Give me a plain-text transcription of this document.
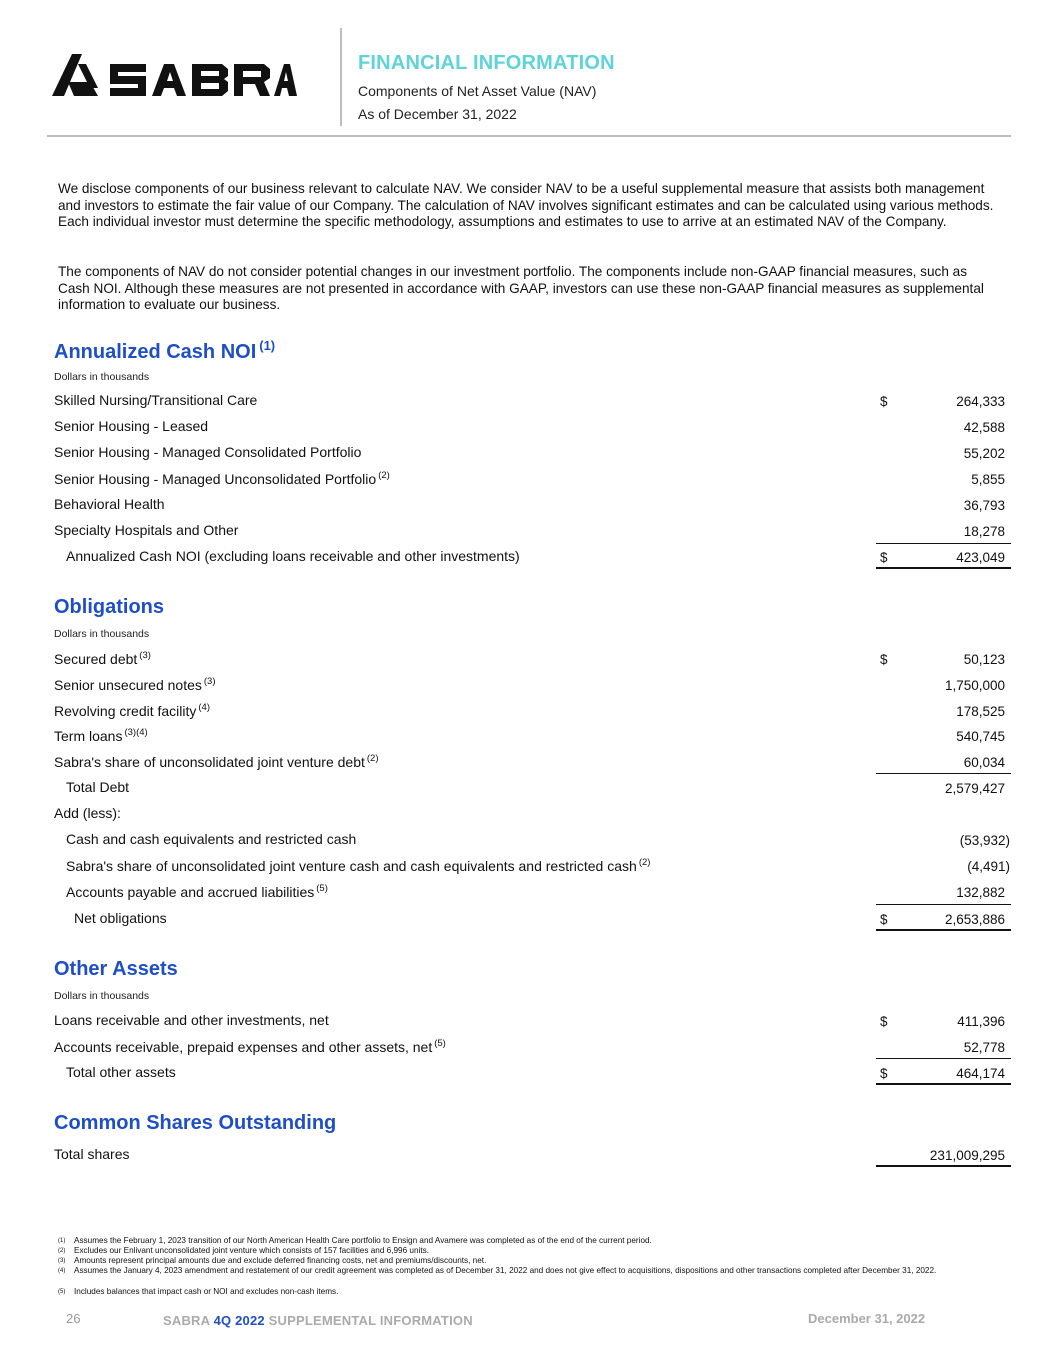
FINANCIAL INFORMATION
Components of Net Asset Value (NAV)
As of December 31, 2022
We disclose components of our business relevant to calculate NAV. We consider NAV to be a useful supplemental measure that assists both management and investors to estimate the fair value of our Company. The calculation of NAV involves significant estimates and can be calculated using various methods. Each individual investor must determine the specific methodology, assumptions and estimates to use to arrive at an estimated NAV of the Company.
The components of NAV do not consider potential changes in our investment portfolio. The components include non-GAAP financial measures, such as Cash NOI. Although these measures are not presented in accordance with GAAP, investors can use these non-GAAP financial measures as supplemental information to evaluate our business.
Annualized Cash NOI $^{(1)}$
Dollars in thousands
Skilled Nursing/Transitional Care	$	264,333
Senior Housing - Leased	42,588
Senior Housing - Managed Consolidated Portfolio	55,202
Senior Housing - Managed Unconsolidated Portfolio $^{(2)}$	5,855
Behavioral Health	36,793
Specialty Hospitals and Other	18,278
Annualized Cash NOI (excluding loans receivable and other investments)	$	423,049
Obligations
Dollars in thousands
Secured debt $^{(3)}$	$	50,123
Senior unsecured notes $^{(3)}$	1,750,000
Revolving credit facility $^{(4)}$	178,525
Term loans $^{(3)(4)}$	540,745
Sabra's share of unconsolidated joint venture debt $^{(2)}$	60,034
Total Debt	2,579,427
Add (less):
Cash and cash equivalents and restricted cash	(53,932)
Sabra's share of unconsolidated joint venture cash and cash equivalents and restricted cash $^{(2)}$	(4,491)
Accounts payable and accrued liabilities $^{(5)}$	132,882
Net obligations	$	2,653,886
Other Assets
Dollars in thousands
Loans receivable and other investments, net	$	411,396
Accounts receivable, prepaid expenses and other assets, net $^{(5)}$	52,778
Total other assets	$	464,174
Common Shares Outstanding
Total shares	231,009,295
(1) Assumes the February 1, 2023 transition of our North American Health Care portfolio to Ensign and Avamere was completed as of the end of the current period.
(2) Excludes our Enlivant unconsolidated joint venture which consists of 157 facilities and 6,996 units.
(3) Amounts represent principal amounts due and exclude deferred financing costs, net and premiums/discounts, net.
(4) Assumes the January 4, 2023 amendment and restatement of our credit agreement was completed as of December 31, 2022 and does not give effect to acquisitions, dispositions and other transactions completed after December 31, 2022.
(5) Includes balances that impact cash or NOI and excludes non-cash items.
26	SABRA 4Q 2022 SUPPLEMENTAL INFORMATION	December 31, 2022
